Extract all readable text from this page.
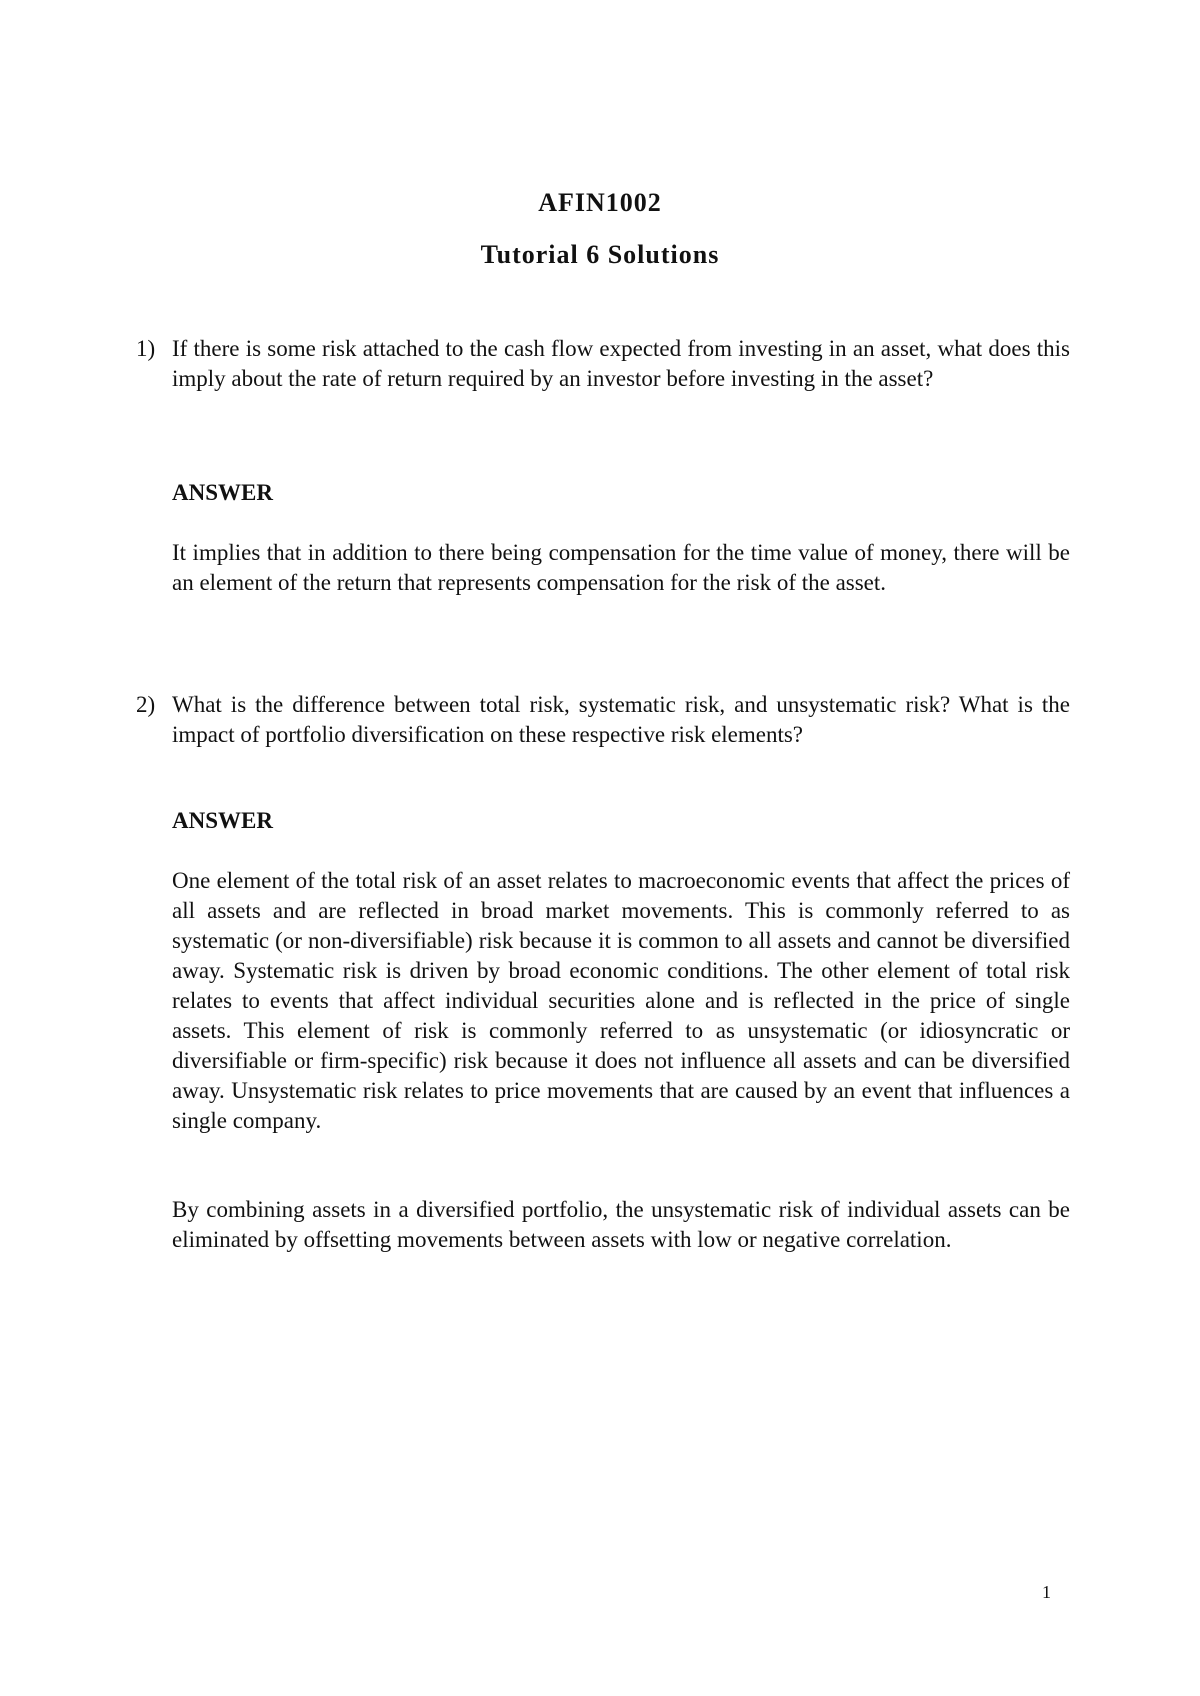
AFIN1002
Tutorial 6 Solutions
1) If there is some risk attached to the cash flow expected from investing in an asset, what does this imply about the rate of return required by an investor before investing in the asset?
ANSWER

It implies that in addition to there being compensation for the time value of money, there will be an element of the return that represents compensation for the risk of the asset.

2) What is the difference between total risk, systematic risk, and unsystematic risk? What is the impact of portfolio diversification on these respective risk elements?
ANSWER

One element of the total risk of an asset relates to macroeconomic events that affect the prices of all assets and are reflected in broad market movements. This is commonly referred to as systematic (or non-diversifiable) risk because it is common to all assets and cannot be diversified away. Systematic risk is driven by broad economic conditions. The other element of total risk relates to events that affect individual securities alone and is reflected in the price of single assets. This element of risk is commonly referred to as unsystematic (or idiosyncratic or diversifiable or firm-specific) risk because it does not influence all assets and can be diversified away. Unsystematic risk relates to price movements that are caused by an event that influences a single company.

By combining assets in a diversified portfolio, the unsystematic risk of individual assets can be eliminated by offsetting movements between assets with low or negative correlation.

1
